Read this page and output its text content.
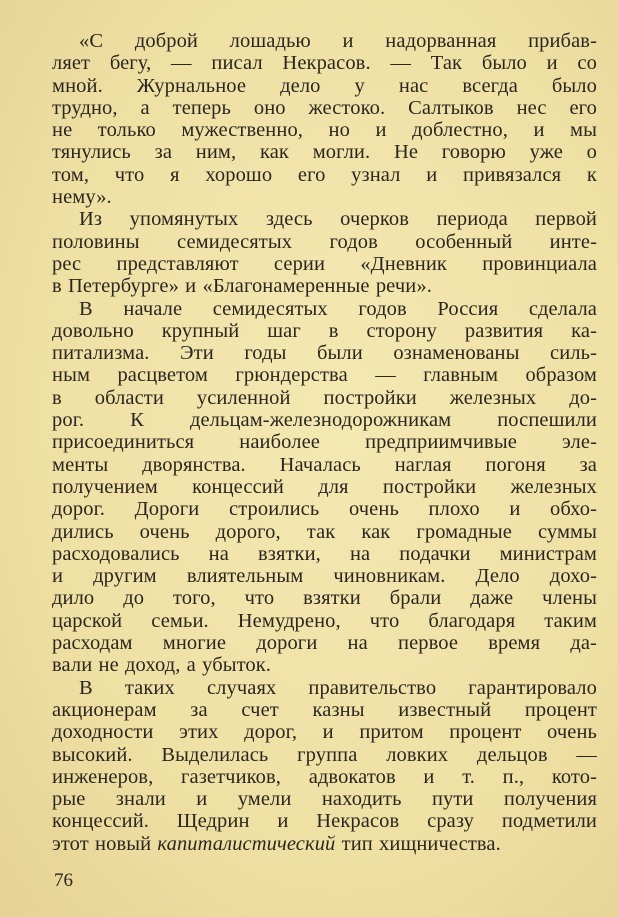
«С доброй лошадью и надорванная прибав-
ляет бегу, — писал Некрасов. — Так было и со
мной. Журнальное дело у нас всегда было
трудно, а теперь оно жестоко. Салтыков нес его
не только мужественно, но и доблестно, и мы
тянулись за ним, как могли. Не говорю уже о
том, что я хорошо его узнал и привязался к
нему».
Из упомянутых здесь очерков периода первой
половины семидесятых годов особенный инте-
рес представляют серии «Дневник провинциала
в Петербурге» и «Благонамеренные речи».
В начале семидесятых годов Россия сделала
довольно крупный шаг в сторону развития ка-
питализма. Эти годы были ознаменованы силь-
ным расцветом грюндерства — главным образом
в области усиленной постройки железных до-
рог. К дельцам-железнодорожникам поспешили
присоединиться наиболее предприимчивые эле-
менты дворянства. Началась наглая погоня за
получением концессий для постройки железных
дорог. Дороги строились очень плохо и обхо-
дились очень дорого, так как громадные суммы
расходовались на взятки, на подачки министрам
и другим влиятельным чиновникам. Дело дохо-
дило до того, что взятки брали даже члены
царской семьи. Немудрено, что благодаря таким
расходам многие дороги на первое время да-
вали не доход, а убыток.
В таких случаях правительство гарантировало
акционерам за счет казны известный процент
доходности этих дорог, и притом процент очень
высокий. Выделилась группа ловких дельцов —
инженеров, газетчиков, адвокатов и т. п., кото-
рые знали и умели находить пути получения
концессий. Щедрин и Некрасов сразу подметили
этот новый капиталистический тип хищничества.
76
